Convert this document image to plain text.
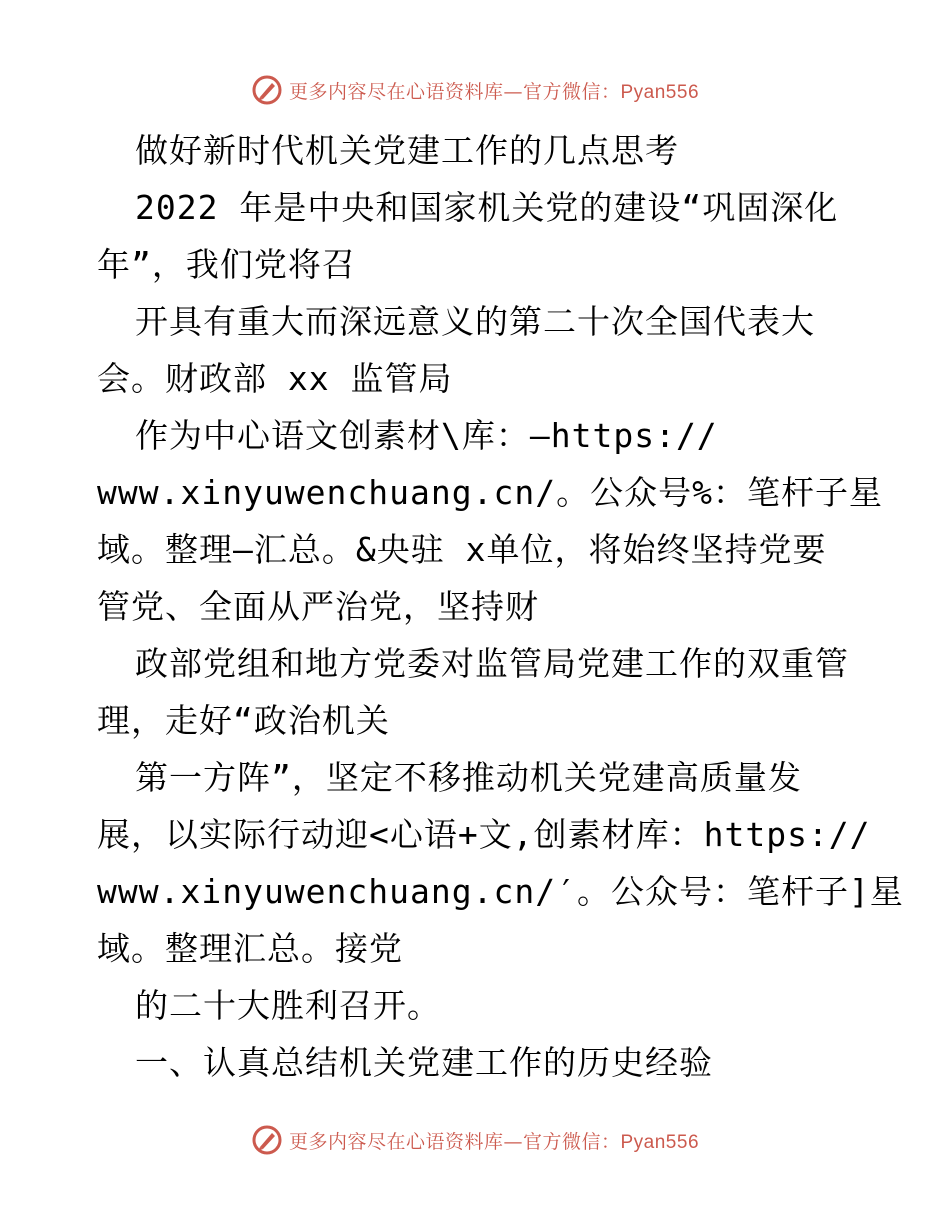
更多内容尽在心语资料库—官方微信：Pyan556
做好新时代机关党建工作的几点思考
2022 年是中央和国家机关党的建设“巩固深化
年”，我们党将召
开具有重大而深远意义的第二十次全国代表大
会。财政部 xx 监管局
作为中心语文创素材\库：—https://
www.xinyuwenchuang.cn/。公众号%：笔杆子星
域。整理—汇总。&央驻 x单位，将始终坚持党要
管党、全面从严治党，坚持财
政部党组和地方党委对监管局党建工作的双重管
理，走好“政治机关
第一方阵”，坚定不移推动机关党建高质量发
展，以实际行动迎<心语+文,创素材库：https://
www.xinyuwenchuang.cn/′。公众号：笔杆子]星
域。整理汇总。接党
的二十大胜利召开。
一、认真总结机关党建工作的历史经验
更多内容尽在心语资料库—官方微信：Pyan556
